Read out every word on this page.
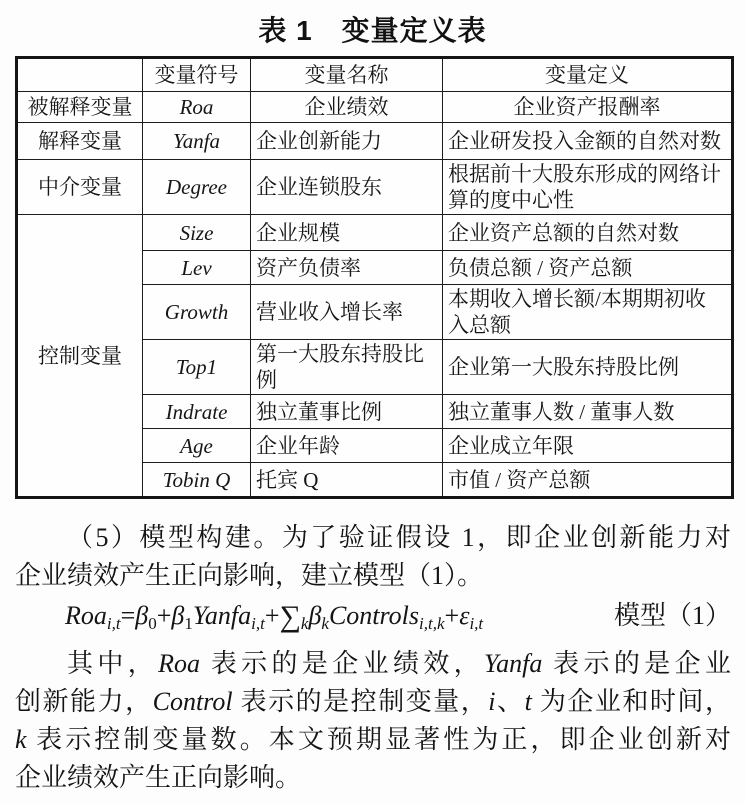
表 1　变量定义表
	变量符号	变量名称	变量定义
被解释变量	Roa	企业绩效	企业资产报酬率
解释变量	Yanfa	企业创新能力	企业研发投入金额的自然对数
中介变量	Degree	企业连锁股东	根据前十大股东形成的网络计算的度中心性
控制变量	Size	企业规模	企业资产总额的自然对数
	Lev	资产负债率	负债总额 / 资产总额
	Growth	营业收入增长率	本期收入增长额/本期期初收入总额
	Top1	第一大股东持股比例	企业第一大股东持股比例
	Indrate	独立董事比例	独立董事人数 / 董事人数
	Age	企业年龄	企业成立年限
	Tobin Q	托宾 Q	市值 / 资产总额
（5）模型构建。为了验证假设 1，即企业创新能力对
企业绩效产生正向影响，建立模型（1）。
Roai,t=β0+β1Yanfai,t+∑kβkControlsi,t,k+εi,t	模型（1）
其中，Roa 表示的是企业绩效，Yanfa 表示的是企业
创新能力，Control 表示的是控制变量，i、t 为企业和时间，
k 表示控制变量数。本文预期显著性为正，即企业创新对
企业绩效产生正向影响。
